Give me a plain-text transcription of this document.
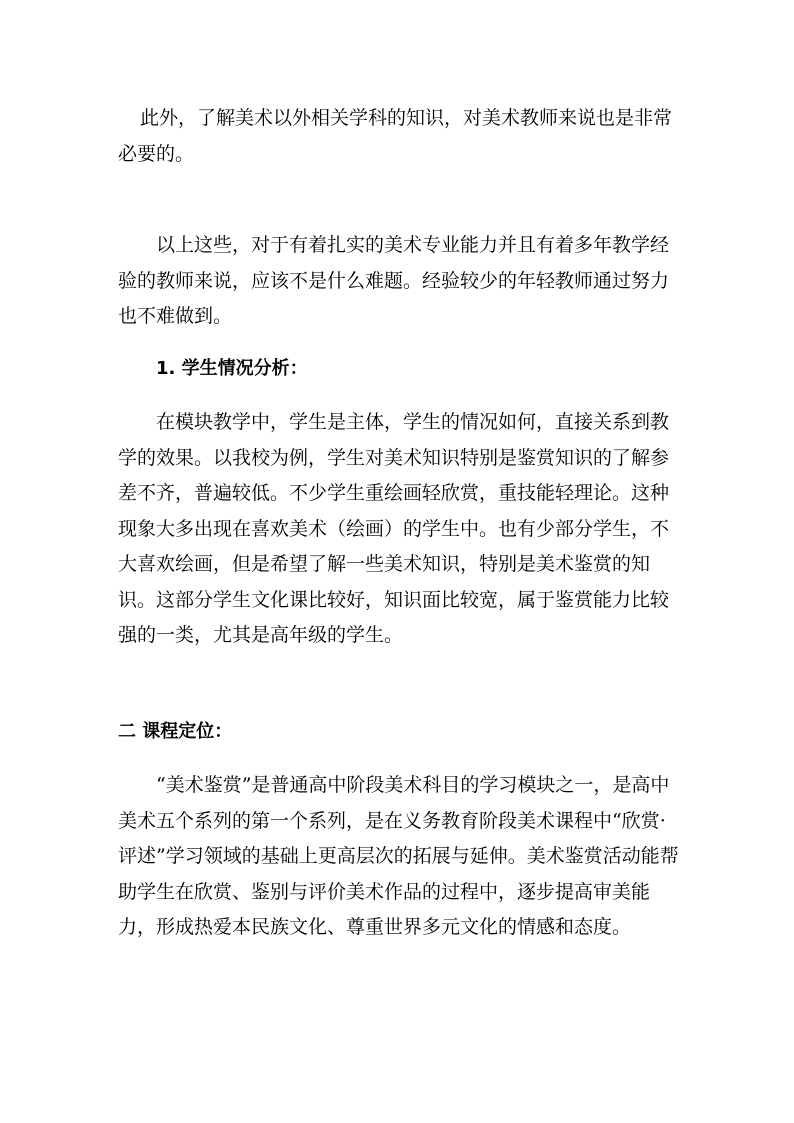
此外，了解美术以外相关学科的知识，对美术教师来说也是非常必要的。

以上这些，对于有着扎实的美术专业能力并且有着多年教学经验的教师来说，应该不是什么难题。经验较少的年轻教师通过努力也不难做到。

1. 学生情况分析：

在模块教学中，学生是主体，学生的情况如何，直接关系到教学的效果。以我校为例，学生对美术知识特别是鉴赏知识的了解参差不齐，普遍较低。不少学生重绘画轻欣赏，重技能轻理论。这种现象大多出现在喜欢美术（绘画）的学生中。也有少部分学生，不大喜欢绘画，但是希望了解一些美术知识，特别是美术鉴赏的知识。这部分学生文化课比较好，知识面比较宽，属于鉴赏能力比较强的一类，尤其是高年级的学生。

二 课程定位：

“美术鉴赏”是普通高中阶段美术科目的学习模块之一，是高中美术五个系列的第一个系列，是在义务教育阶段美术课程中“欣赏·评述”学习领域的基础上更高层次的拓展与延伸。美术鉴赏活动能帮助学生在欣赏、鉴别与评价美术作品的过程中，逐步提高审美能力，形成热爱本民族文化、尊重世界多元文化的情感和态度。
